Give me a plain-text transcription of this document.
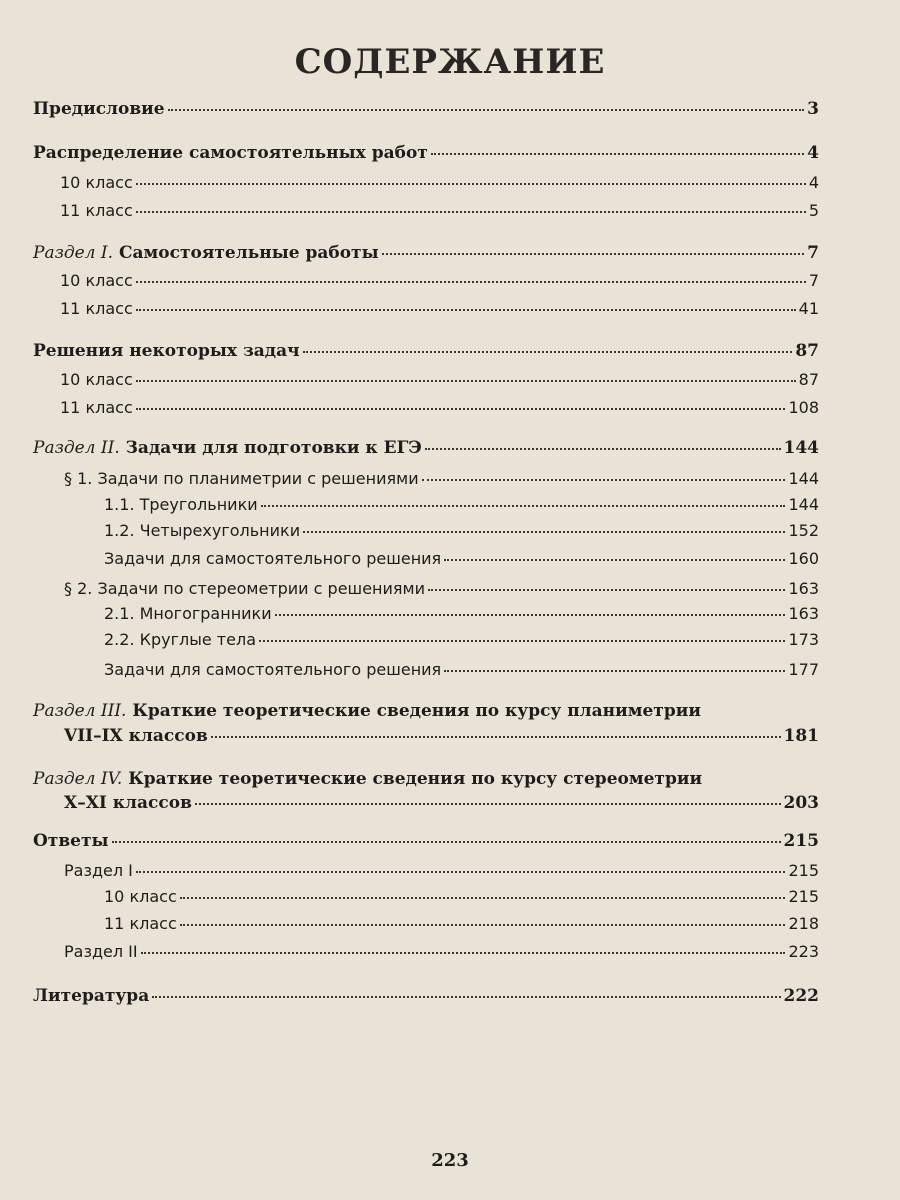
СОДЕРЖАНИЕ
Предисловие	3
Распределение самостоятельных работ	4
10 класс	4
11 класс	5
Раздел I. Самостоятельные работы	7
10 класс	7
11 класс	41
Решения некоторых задач	87
10 класс	87
11 класс	108
Раздел II. Задачи для подготовки к ЕГЭ	144
§ 1. Задачи по планиметрии с решениями	144
1.1. Треугольники	144
1.2. Четырехугольники	152
Задачи для самостоятельного решения	160
§ 2. Задачи по стереометрии с решениями	163
2.1. Многогранники	163
2.2. Круглые тела	173
Задачи для самостоятельного решения	177
Раздел III. Краткие теоретические сведения по курсу планиметрии
VII–IX классов	181
Раздел IV. Краткие теоретические сведения по курсу стереометрии
X–XI классов	203
Ответы	215
Раздел I	215
10 класс	215
11 класс	218
Раздел II	223
Литература	222
223
